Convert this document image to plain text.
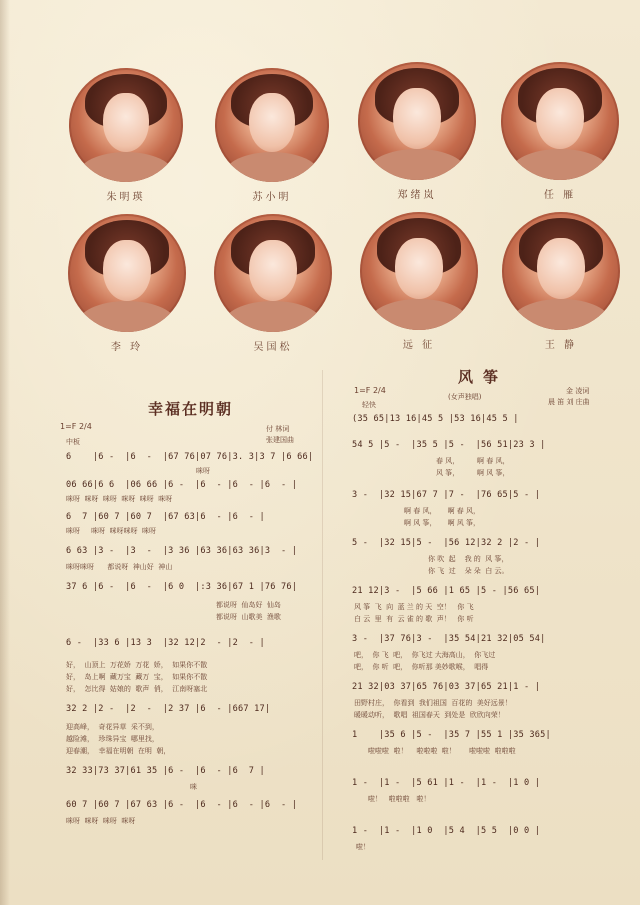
朱明瑛	苏小明	郑绪岚	任 雁
李 玲	吴国松	远 征	王 静
幸福在明朝
1=F 2/4
中板
付 林词
张建国曲
6    |6 -  |6  -  |67 76|07 76|3. 3|3 7 |6 66|
咪呀
06 66|6 6  |06 66 |6 -  |6  - |6  - |6  - |
咪呀  咪呀  咪呀  咪呀  咪呀  咪呀
6  7 |60 7 |60 7  |67 63|6  - |6  - |
咪呀     咪呀  咪呀咪呀  咪呀
6 63 |3 -  |3  -  |3 36 |63 36|63 36|3  - |
咪呀咪呀      都说呀  神山好  神山
37 6 |6 -  |6  -  |6 0  |:3 36|67 1 |76 76|
都说呀  仙岛好  仙岛
都说呀  山歌美  渔歌
6 -  |33 6 |13 3  |32 12|2  - |2  - |
好，  山顶上  万花娇  万花  娇，  如果你不散
好，  岛上啊  藏万宝  藏万  宝，  如果你不散
好，  怎比得  姑娘的  歌声  俏，  江南呀塞北
32 2 |2 -  |2  -  |2 37 |6  - |667 17|
迎高峰，  奇花异草  采不到，
越险滩，  珍珠异宝  哪里找，
迎春潮，  幸福在明朝  在明  朝，
32 33|73 37|61 35 |6 -  |6  - |6  7 |
咪
60 7 |60 7 |67 63 |6 -  |6  - |6  - |6  - |
咪呀  咪呀  咪呀  咪呀
风筝
(女声独唱)
1=F 2/4
轻快
金 凌词
晨 笛 刘 庄曲
(35 65|13 16|45 5 |53 16|45 5 |
54 5 |5 -  |35 5 |5 -  |56 51|23 3 |
春 风，        啊 春 风，
风 筝，        啊 风 筝，
3 -  |32 15|67 7 |7 -  |76 65|5 - |
啊 春 风，     啊 春 风，
啊 风 筝，     啊 风 筝，
5 -  |32 15|5 -  |56 12|32 2 |2 - |
你 吹  起    我 的  风 筝，
你 飞  过    朵 朵  白 云。
21 12|3 -  |5 66 |1 65 |5 - |56 65|
风 筝  飞  向  蓝 兰 的 天  空！   你 飞
白 云  里  有  云 雀 的 歌  声！   你 听
3 -  |37 76|3 -  |35 54|21 32|05 54|
吧，  你 飞  吧，  你飞过 大海高山，  你飞过
吧，  你 听  吧，  你听那 美妙歌喉，  唱得
21 32|03 37|65 76|03 37|65 21|1 - |
田野村庄，  你看到  我们祖国  百花的  美好远景！
暖暖动听，  歌唱  祖国春天  到处是  欣欣向荣！
1    |35 6 |5 -  |35 7 |55 1 |35 365|
啦啦啦  啦！    啦啦啦  啦！      啦啦啦  啦啦啦
1 -  |1 -  |5 61 |1 -  |1 -  |1 0 |
啦！   啦啦啦   啦！
1 -  |1 -  |1 0  |5 4  |5 5  |0 0 |
啦！
